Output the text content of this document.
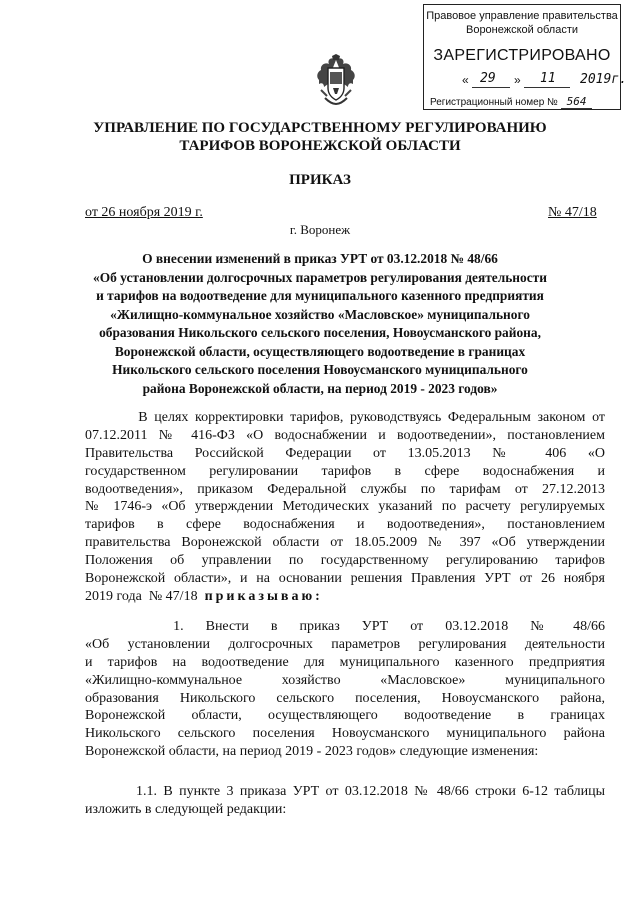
Правовое управление правительства
Воронежской области
ЗАРЕГИСТРИРОВАНО
« 29 » 11 2019г.
Регистрационный номер № 564
УПРАВЛЕНИЕ ПО ГОСУДАРСТВЕННОМУ РЕГУЛИРОВАНИЮ
ТАРИФОВ ВОРОНЕЖСКОЙ ОБЛАСТИ
ПРИКАЗ
от 26 ноября 2019 г.	№ 47/18
г. Воронеж
О внесении изменений в приказ УРТ от 03.12.2018 № 48/66
«Об установлении долгосрочных параметров регулирования деятельности
и тарифов на водоотведение для муниципального казенного предприятия
«Жилищно-коммунальное хозяйство «Масловское» муниципального
образования Никольского сельского поселения, Новоусманского района,
Воронежской области, осуществляющего водоотведение в границах
Никольского сельского поселения Новоусманского муниципального
района Воронежской области, на период 2019 - 2023 годов»
В целях корректировки тарифов, руководствуясь Федеральным законом от
07.12.2011 № 416-ФЗ «О водоснабжении и водоотведении», постановлением
Правительства Российской Федерации от 13.05.2013 № 406 «О
государственном регулировании тарифов в сфере водоснабжения и
водоотведения», приказом Федеральной службы по тарифам от 27.12.2013
№ 1746-э «Об утверждении Методических указаний по расчету регулируемых
тарифов в сфере водоснабжения и водоотведения», постановлением
правительства Воронежской области от 18.05.2009 № 397 «Об утверждении
Положения об управлении по государственному регулированию тарифов
Воронежской области», и на основании решения Правления УРТ от 26 ноября
2019 года  № 47/18  приказываю:
1.  Внести  в  приказ  УРТ  от  03.12.2018  №  48/66
«Об установлении долгосрочных параметров регулирования деятельности
и тарифов на водоотведение для муниципального казенного предприятия
«Жилищно-коммунальное хозяйство «Масловское» муниципального
образования Никольского сельского поселения, Новоусманского района,
Воронежской области, осуществляющего водоотведение в границах
Никольского сельского поселения Новоусманского муниципального района
Воронежской области, на период 2019 - 2023 годов» следующие изменения:
1.1. В пункте 3 приказа УРТ от 03.12.2018 № 48/66 строки 6-12 таблицы
изложить в следующей редакции:
